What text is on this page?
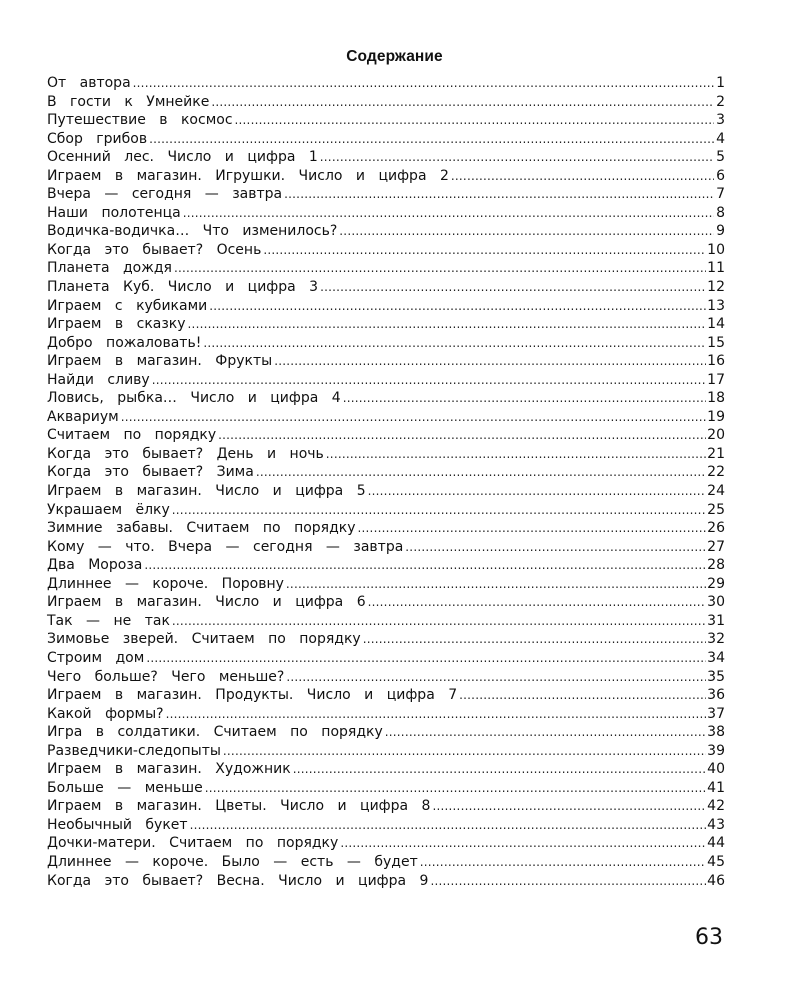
Содержание
От автора .....	1
В гости к Умнейке .....	2
Путешествие в космос .....	3
Сбор грибов .....	4
Осенний лес. Число и цифра 1 .....	5
Играем в магазин. Игрушки. Число и цифра 2 .....	6
Вчера — сегодня — завтра .....	7
Наши полотенца .....	8
Водичка-водичка… Что изменилось? .....	9
Когда это бывает? Осень .....	10
Планета дождя .....	11
Планета Куб. Число и цифра 3 .....	12
Играем с кубиками .....	13
Играем в сказку .....	14
Добро пожаловать! .....	15
Играем в магазин. Фрукты .....	16
Найди сливу .....	17
Ловись, рыбка… Число и цифра 4 .....	18
Аквариум .....	19
Считаем по порядку .....	20
Когда это бывает? День и ночь .....	21
Когда это бывает? Зима .....	22
Играем в магазин. Число и цифра 5 .....	24
Украшаем ёлку .....	25
Зимние забавы. Считаем по порядку .....	26
Кому — что. Вчера — сегодня — завтра .....	27
Два Мороза .....	28
Длиннее — короче. Поровну .....	29
Играем в магазин. Число и цифра 6 .....	30
Так — не так .....	31
Зимовье зверей. Считаем по порядку .....	32
Строим дом .....	34
Чего больше? Чего меньше? .....	35
Играем в магазин. Продукты. Число и цифра 7 .....	36
Какой формы? .....	37
Игра в солдатики. Считаем по порядку .....	38
Разведчики-следопыты .....	39
Играем в магазин. Художник .....	40
Больше — меньше .....	41
Играем в магазин. Цветы. Число и цифра 8 .....	42
Необычный букет .....	43
Дочки-матери. Считаем по порядку .....	44
Длиннее — короче. Было — есть — будет .....	45
Когда это бывает? Весна. Число и цифра 9 .....	46
63
